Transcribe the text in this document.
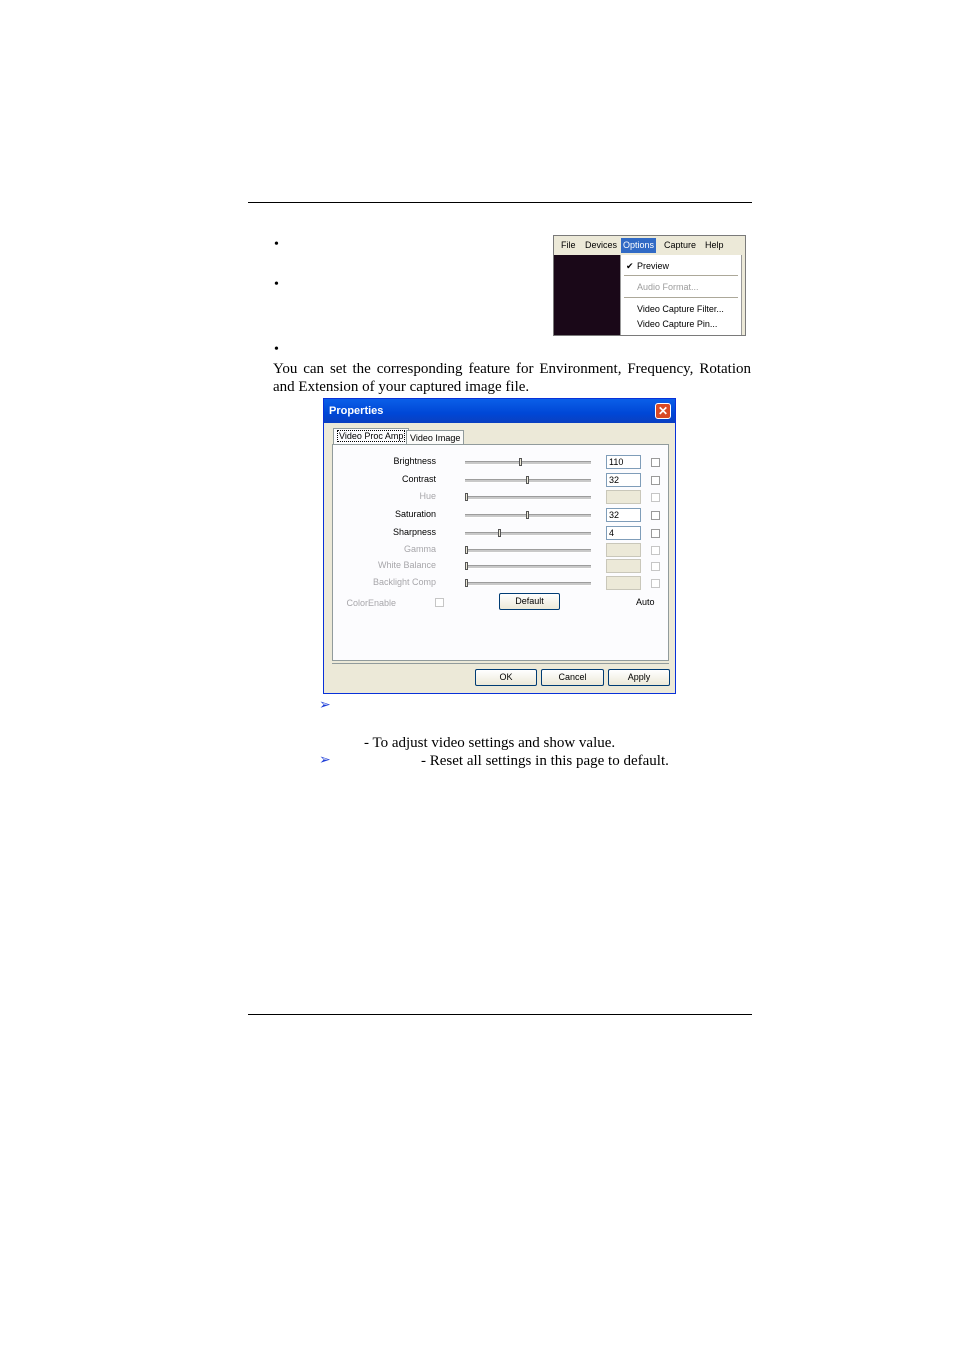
•
•
•
File Devices Options Capture Help
✔ Preview
Audio Format...
Video Capture Filter...
Video Capture Pin...
You can set the corresponding feature for Environment, Frequency, Rotation and Extension of your captured image file.
Properties	✕
Video Proc Amp Video Image
ColorEnable	Default	Auto
Brightness	110
Contrast	32
Hue
Saturation	32
Sharpness	4
Gamma
White Balance
Backlight Comp
OK	Cancel	Apply
➢
- To adjust video settings and show value.
➢	- Reset all settings in this page to default.
